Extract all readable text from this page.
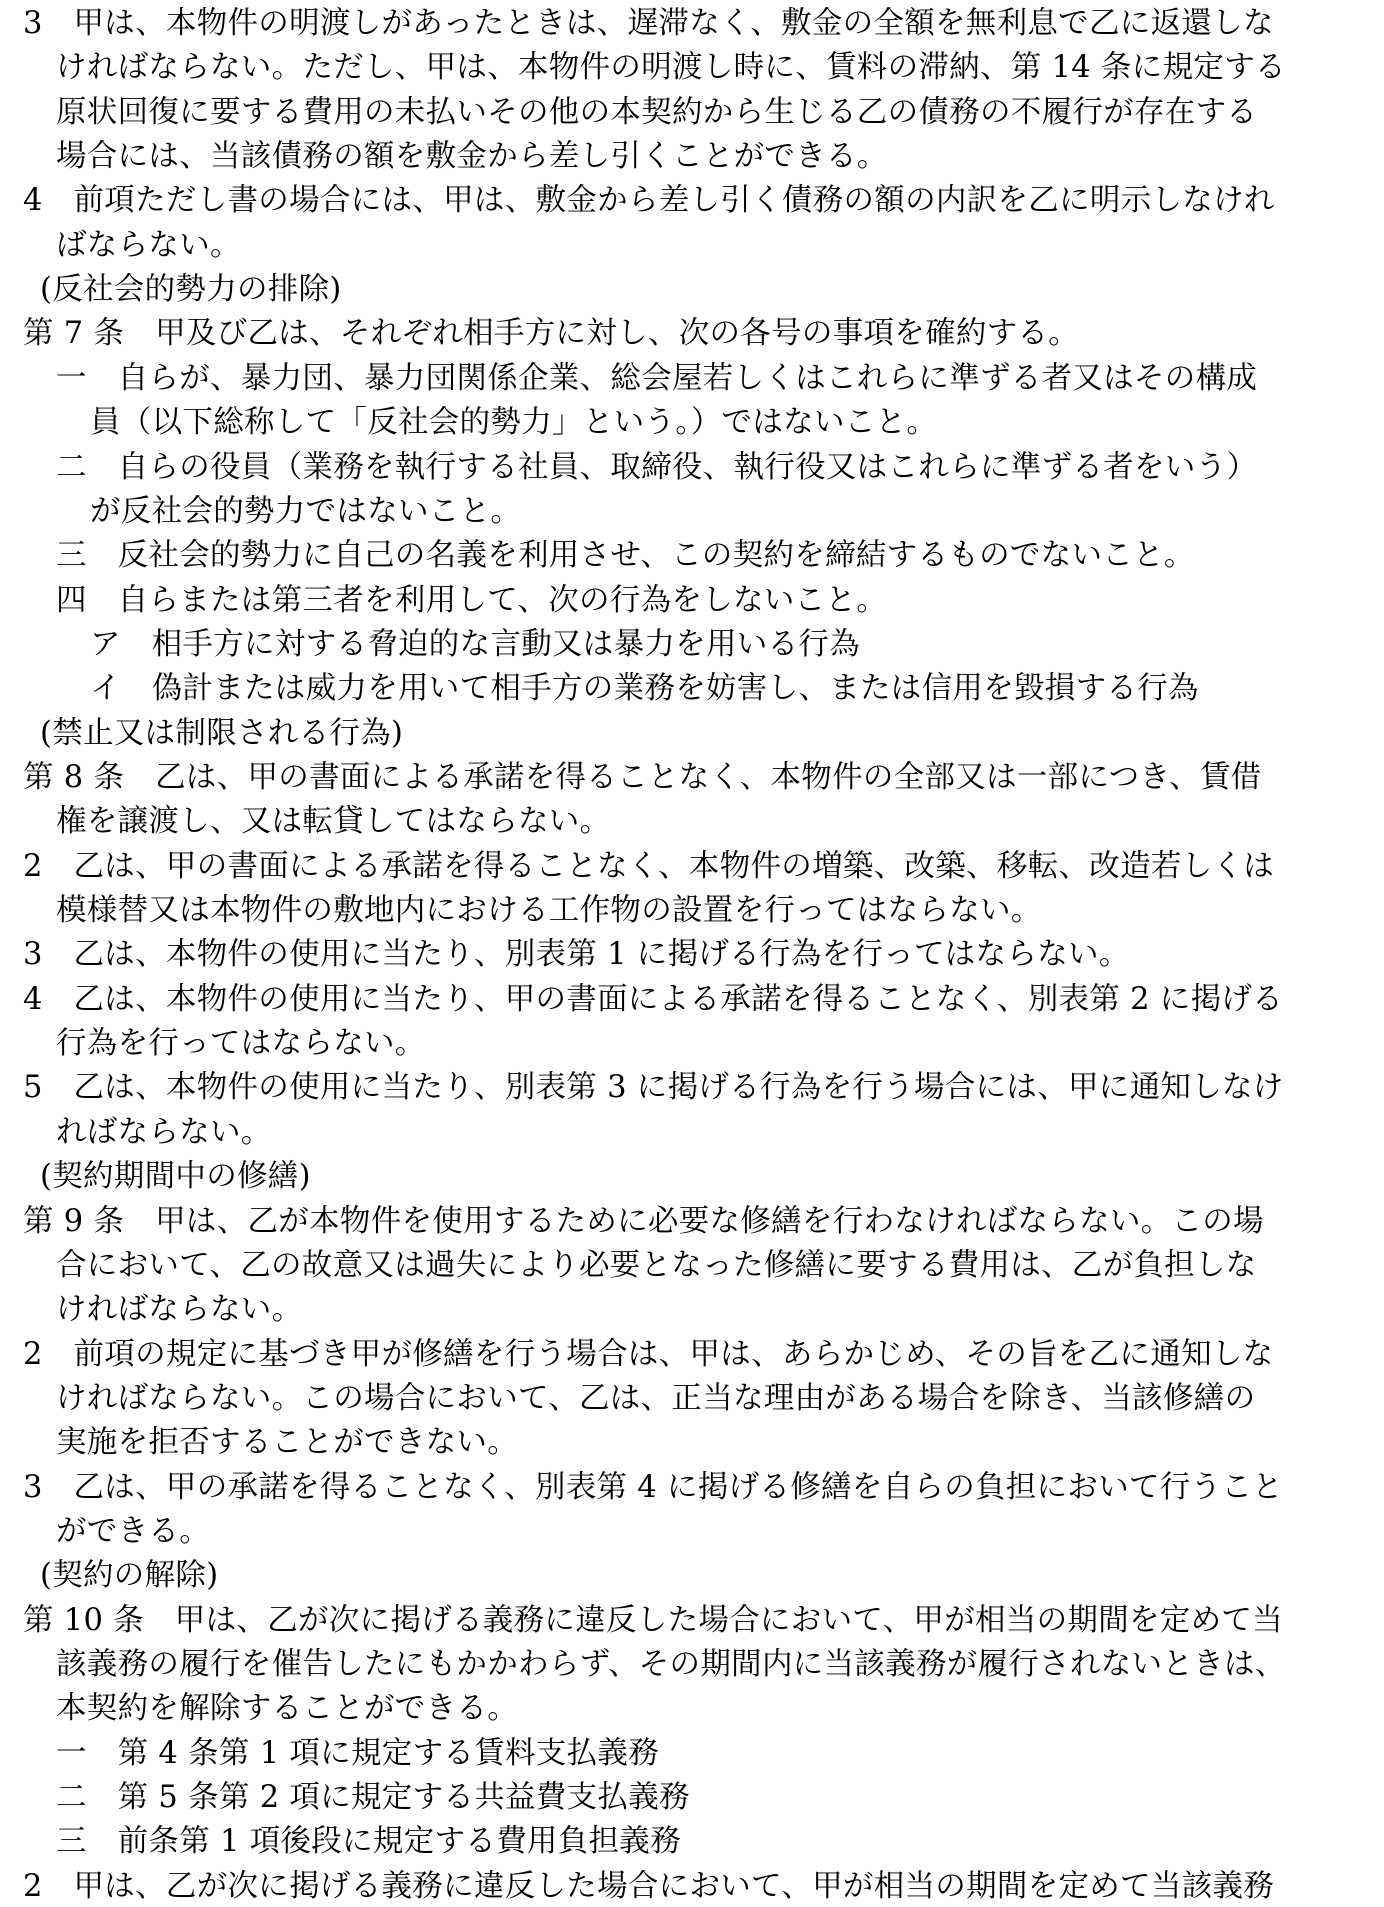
3　甲は、本物件の明渡しがあったときは、遅滞なく、敷金の全額を無利息で乙に返還しな
ければならない。ただし、甲は、本物件の明渡し時に、賃料の滞納、第 14 条に規定する
原状回復に要する費用の未払いその他の本契約から生じる乙の債務の不履行が存在する
場合には、当該債務の額を敷金から差し引くことができる。
4　前項ただし書の場合には、甲は、敷金から差し引く債務の額の内訳を乙に明示しなけれ
ばならない。
(反社会的勢力の排除)
第 7 条　甲及び乙は、それぞれ相手方に対し、次の各号の事項を確約する。
一　自らが、暴力団、暴力団関係企業、総会屋若しくはこれらに準ずる者又はその構成
員（以下総称して「反社会的勢力」という。）ではないこと。
二　自らの役員（業務を執行する社員、取締役、執行役又はこれらに準ずる者をいう）
が反社会的勢力ではないこと。
三　反社会的勢力に自己の名義を利用させ、この契約を締結するものでないこと。
四　自らまたは第三者を利用して、次の行為をしないこと。
ア　相手方に対する脅迫的な言動又は暴力を用いる行為
イ　偽計または威力を用いて相手方の業務を妨害し、または信用を毀損する行為
(禁止又は制限される行為)
第 8 条　乙は、甲の書面による承諾を得ることなく、本物件の全部又は一部につき、賃借
権を譲渡し、又は転貸してはならない。
2　乙は、甲の書面による承諾を得ることなく、本物件の増築、改築、移転、改造若しくは
模様替又は本物件の敷地内における工作物の設置を行ってはならない。
3　乙は、本物件の使用に当たり、別表第 1 に掲げる行為を行ってはならない。
4　乙は、本物件の使用に当たり、甲の書面による承諾を得ることなく、別表第 2 に掲げる
行為を行ってはならない。
5　乙は、本物件の使用に当たり、別表第 3 に掲げる行為を行う場合には、甲に通知しなけ
ればならない。
(契約期間中の修繕)
第 9 条　甲は、乙が本物件を使用するために必要な修繕を行わなければならない。この場
合において、乙の故意又は過失により必要となった修繕に要する費用は、乙が負担しな
ければならない。
2　前項の規定に基づき甲が修繕を行う場合は、甲は、あらかじめ、その旨を乙に通知しな
ければならない。この場合において、乙は、正当な理由がある場合を除き、当該修繕の
実施を拒否することができない。
3　乙は、甲の承諾を得ることなく、別表第 4 に掲げる修繕を自らの負担において行うこと
ができる。
(契約の解除)
第 10 条　甲は、乙が次に掲げる義務に違反した場合において、甲が相当の期間を定めて当
該義務の履行を催告したにもかかわらず、その期間内に当該義務が履行されないときは、
本契約を解除することができる。
一　第 4 条第 1 項に規定する賃料支払義務
二　第 5 条第 2 項に規定する共益費支払義務
三　前条第 1 項後段に規定する費用負担義務
2　甲は、乙が次に掲げる義務に違反した場合において、甲が相当の期間を定めて当該義務
